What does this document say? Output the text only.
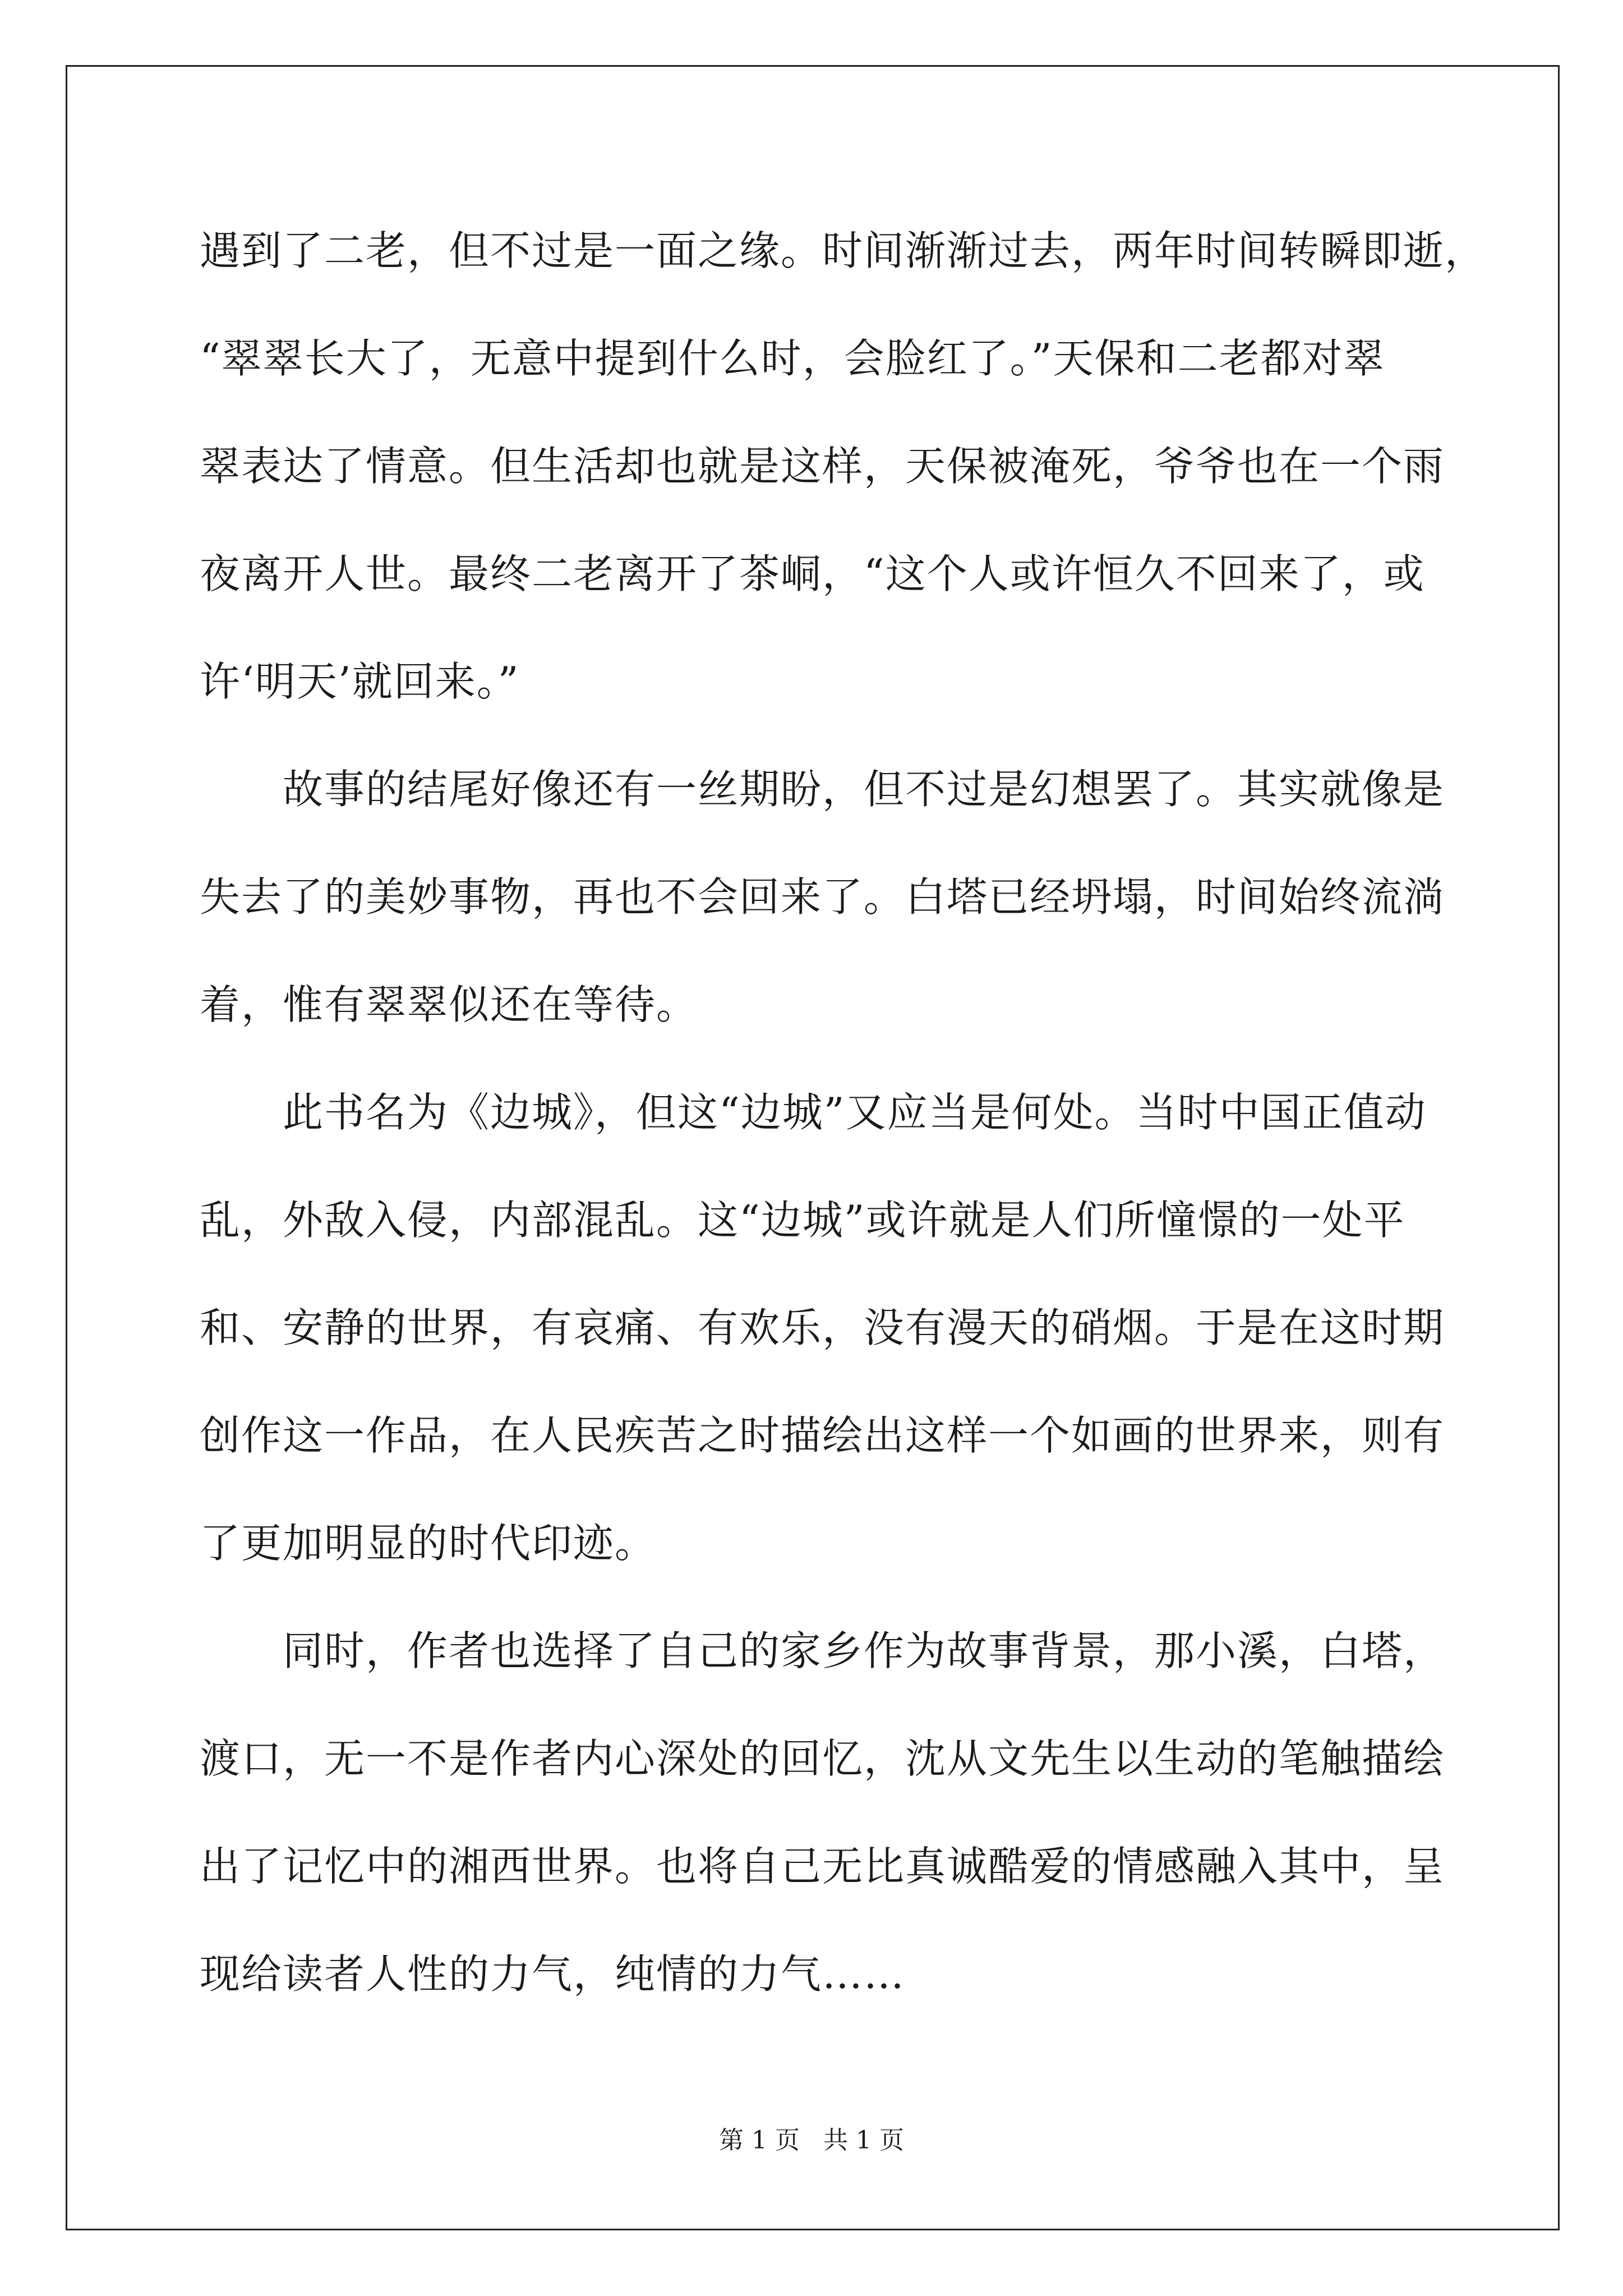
遇到了二老，但不过是一面之缘。时间渐渐过去，两年时间转瞬即逝，
“翠翠长大了，无意中提到什么时，会脸红了。”天保和二老都对翠
翠表达了情意。但生活却也就是这样，天保被淹死，爷爷也在一个雨
夜离开人世。最终二老离开了茶峒，“这个人或许恒久不回来了，或
许‘明天’就回来。”
故事的结尾好像还有一丝期盼，但不过是幻想罢了。其实就像是
失去了的美妙事物，再也不会回来了。白塔已经坍塌，时间始终流淌
着，惟有翠翠似还在等待。
此书名为《边城》，但这“边城”又应当是何处。当时中国正值动
乱，外敌入侵，内部混乱。这“边城”或许就是人们所憧憬的一处平
和、安静的世界，有哀痛、有欢乐，没有漫天的硝烟。于是在这时期
创作这一作品，在人民疾苦之时描绘出这样一个如画的世界来，则有
了更加明显的时代印迹。
同时，作者也选择了自己的家乡作为故事背景，那小溪，白塔，
渡口，无一不是作者内心深处的回忆，沈从文先生以生动的笔触描绘
出了记忆中的湘西世界。也将自己无比真诚酷爱的情感融入其中，呈
现给读者人性的力气，纯情的力气……
第 1 页   共 1 页
